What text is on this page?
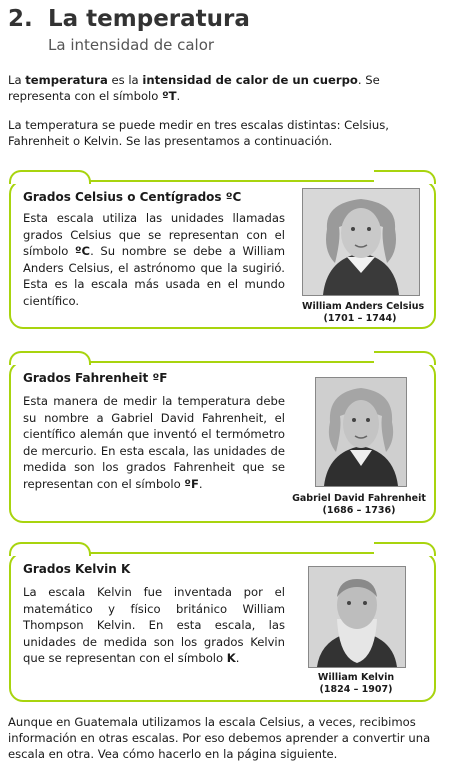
2. La temperatura
La intensidad de calor
La temperatura es la intensidad de calor de un cuerpo. Se representa con el símbolo ºT.
La temperatura se puede medir en tres escalas distintas: Celsius, Fahrenheit o Kelvin. Se las presentamos a continuación.
Grados Celsius o Centígrados ºC
Esta escala utiliza las unidades llamadas grados Celsius que se representan con el símbolo ºC. Su nombre se debe a William Anders Celsius, el astrónomo que la sugirió. Esta es la escala más usada en el mundo científico.	William Anders Celsius
(1701 – 1744)
Grados Fahrenheit ºF
Esta manera de medir la temperatura debe su nombre a Gabriel David Fahrenheit, el científico alemán que inventó el termómetro de mercurio. En esta escala, las unidades de medida son los grados Fahrenheit que se representan con el símbolo ºF.
Gabriel David Fahrenheit
(1686 – 1736)
Grados Kelvin K
La escala Kelvin fue inventada por el matemático y físico británico William Thompson Kelvin. En esta escala, las unidades de medida son los grados Kelvin que se representan con el símbolo K.
William Kelvin
(1824 – 1907)
Aunque en Guatemala utilizamos la escala Celsius, a veces, recibimos información en otras escalas. Por eso debemos aprender a convertir una escala en otra. Vea cómo hacerlo en la página siguiente.
